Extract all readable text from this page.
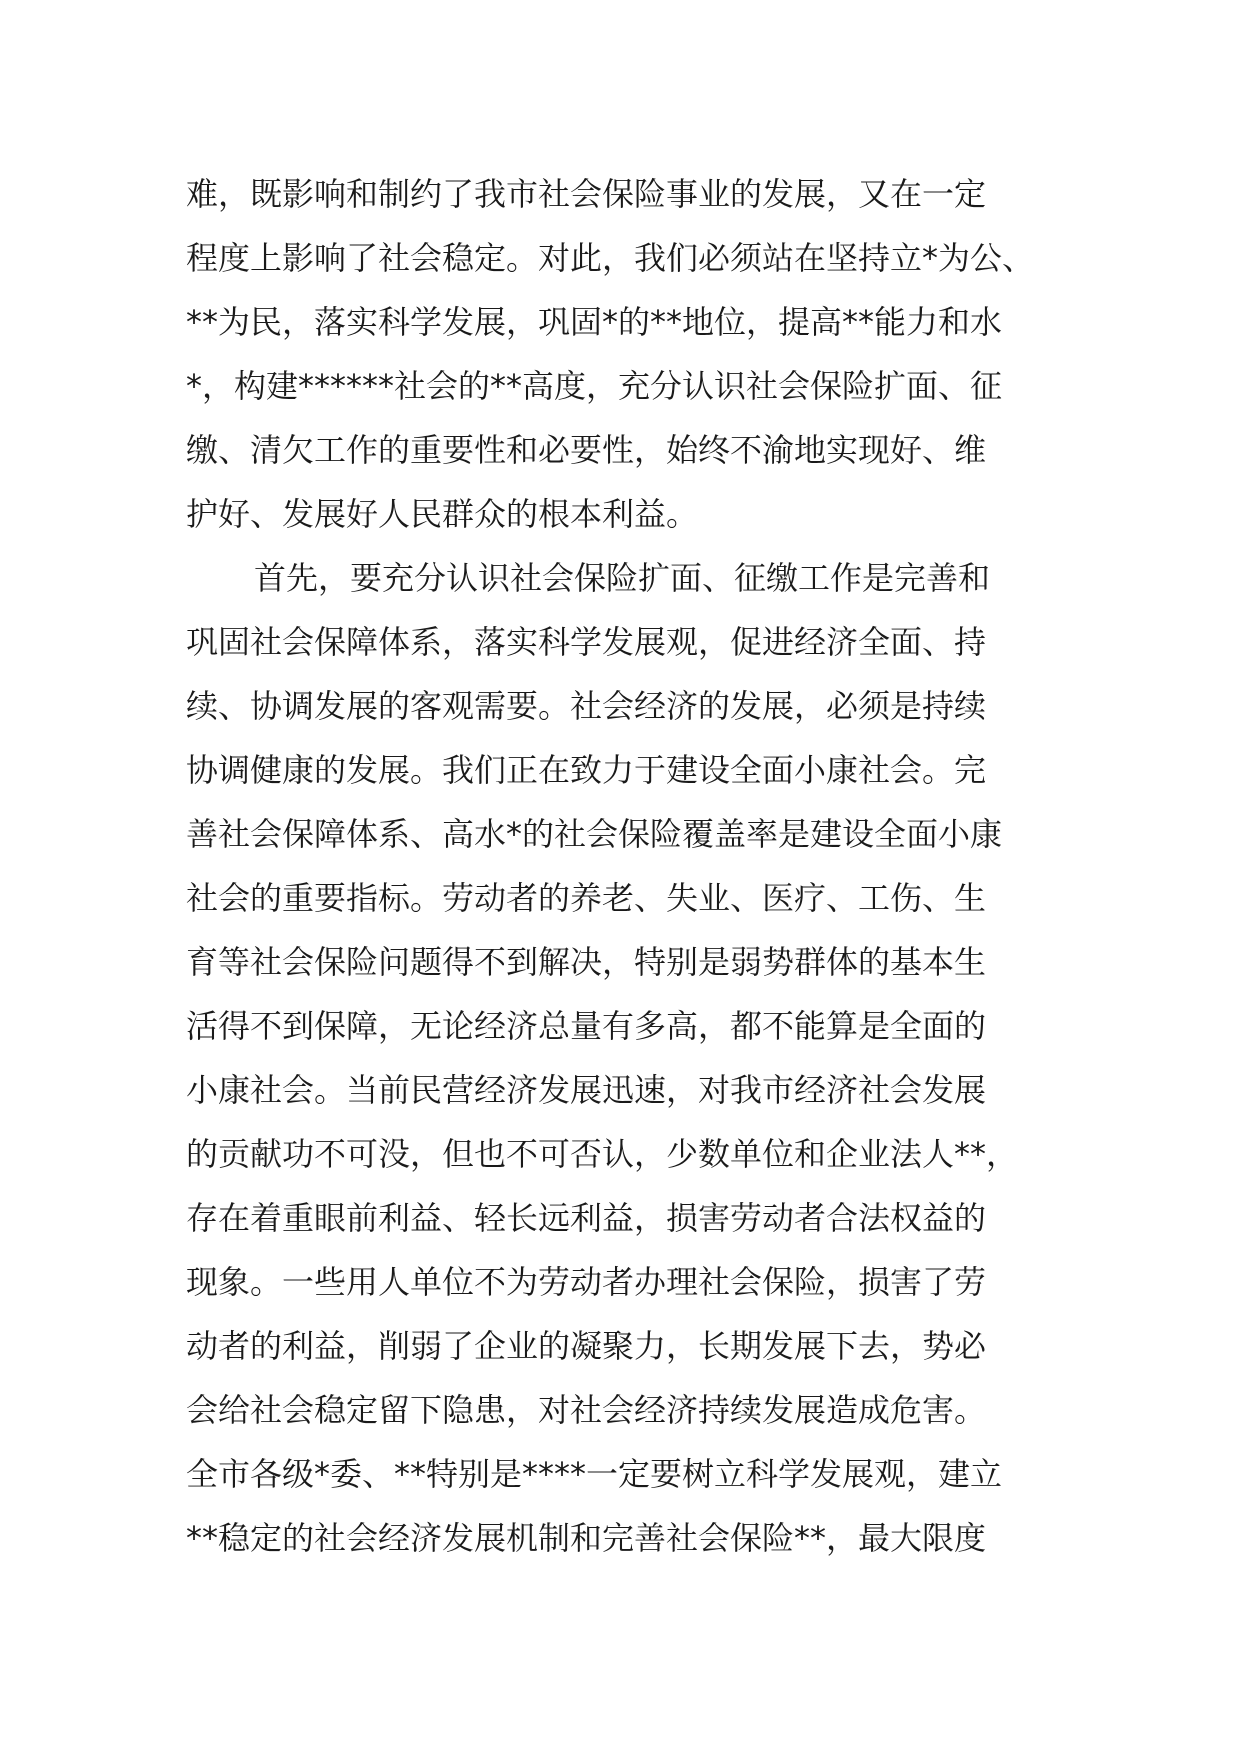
难，既影响和制约了我市社会保险事业的发展，又在一定
程度上影响了社会稳定。对此，我们必须站在坚持立*为公、
**为民，落实科学发展，巩固*的**地位，提高**能力和水
*，构建******社会的**高度，充分认识社会保险扩面、征
缴、清欠工作的重要性和必要性，始终不渝地实现好、维
护好、发展好人民群众的根本利益。
首先，要充分认识社会保险扩面、征缴工作是完善和
巩固社会保障体系，落实科学发展观，促进经济全面、持
续、协调发展的客观需要。社会经济的发展，必须是持续
协调健康的发展。我们正在致力于建设全面小康社会。完
善社会保障体系、高水*的社会保险覆盖率是建设全面小康
社会的重要指标。劳动者的养老、失业、医疗、工伤、生
育等社会保险问题得不到解决，特别是弱势群体的基本生
活得不到保障，无论经济总量有多高，都不能算是全面的
小康社会。当前民营经济发展迅速，对我市经济社会发展
的贡献功不可没，但也不可否认，少数单位和企业法人**，
存在着重眼前利益、轻长远利益，损害劳动者合法权益的
现象。一些用人单位不为劳动者办理社会保险，损害了劳
动者的利益，削弱了企业的凝聚力，长期发展下去，势必
会给社会稳定留下隐患，对社会经济持续发展造成危害。
全市各级*委、**特别是****一定要树立科学发展观，建立
**稳定的社会经济发展机制和完善社会保险**，最大限度
